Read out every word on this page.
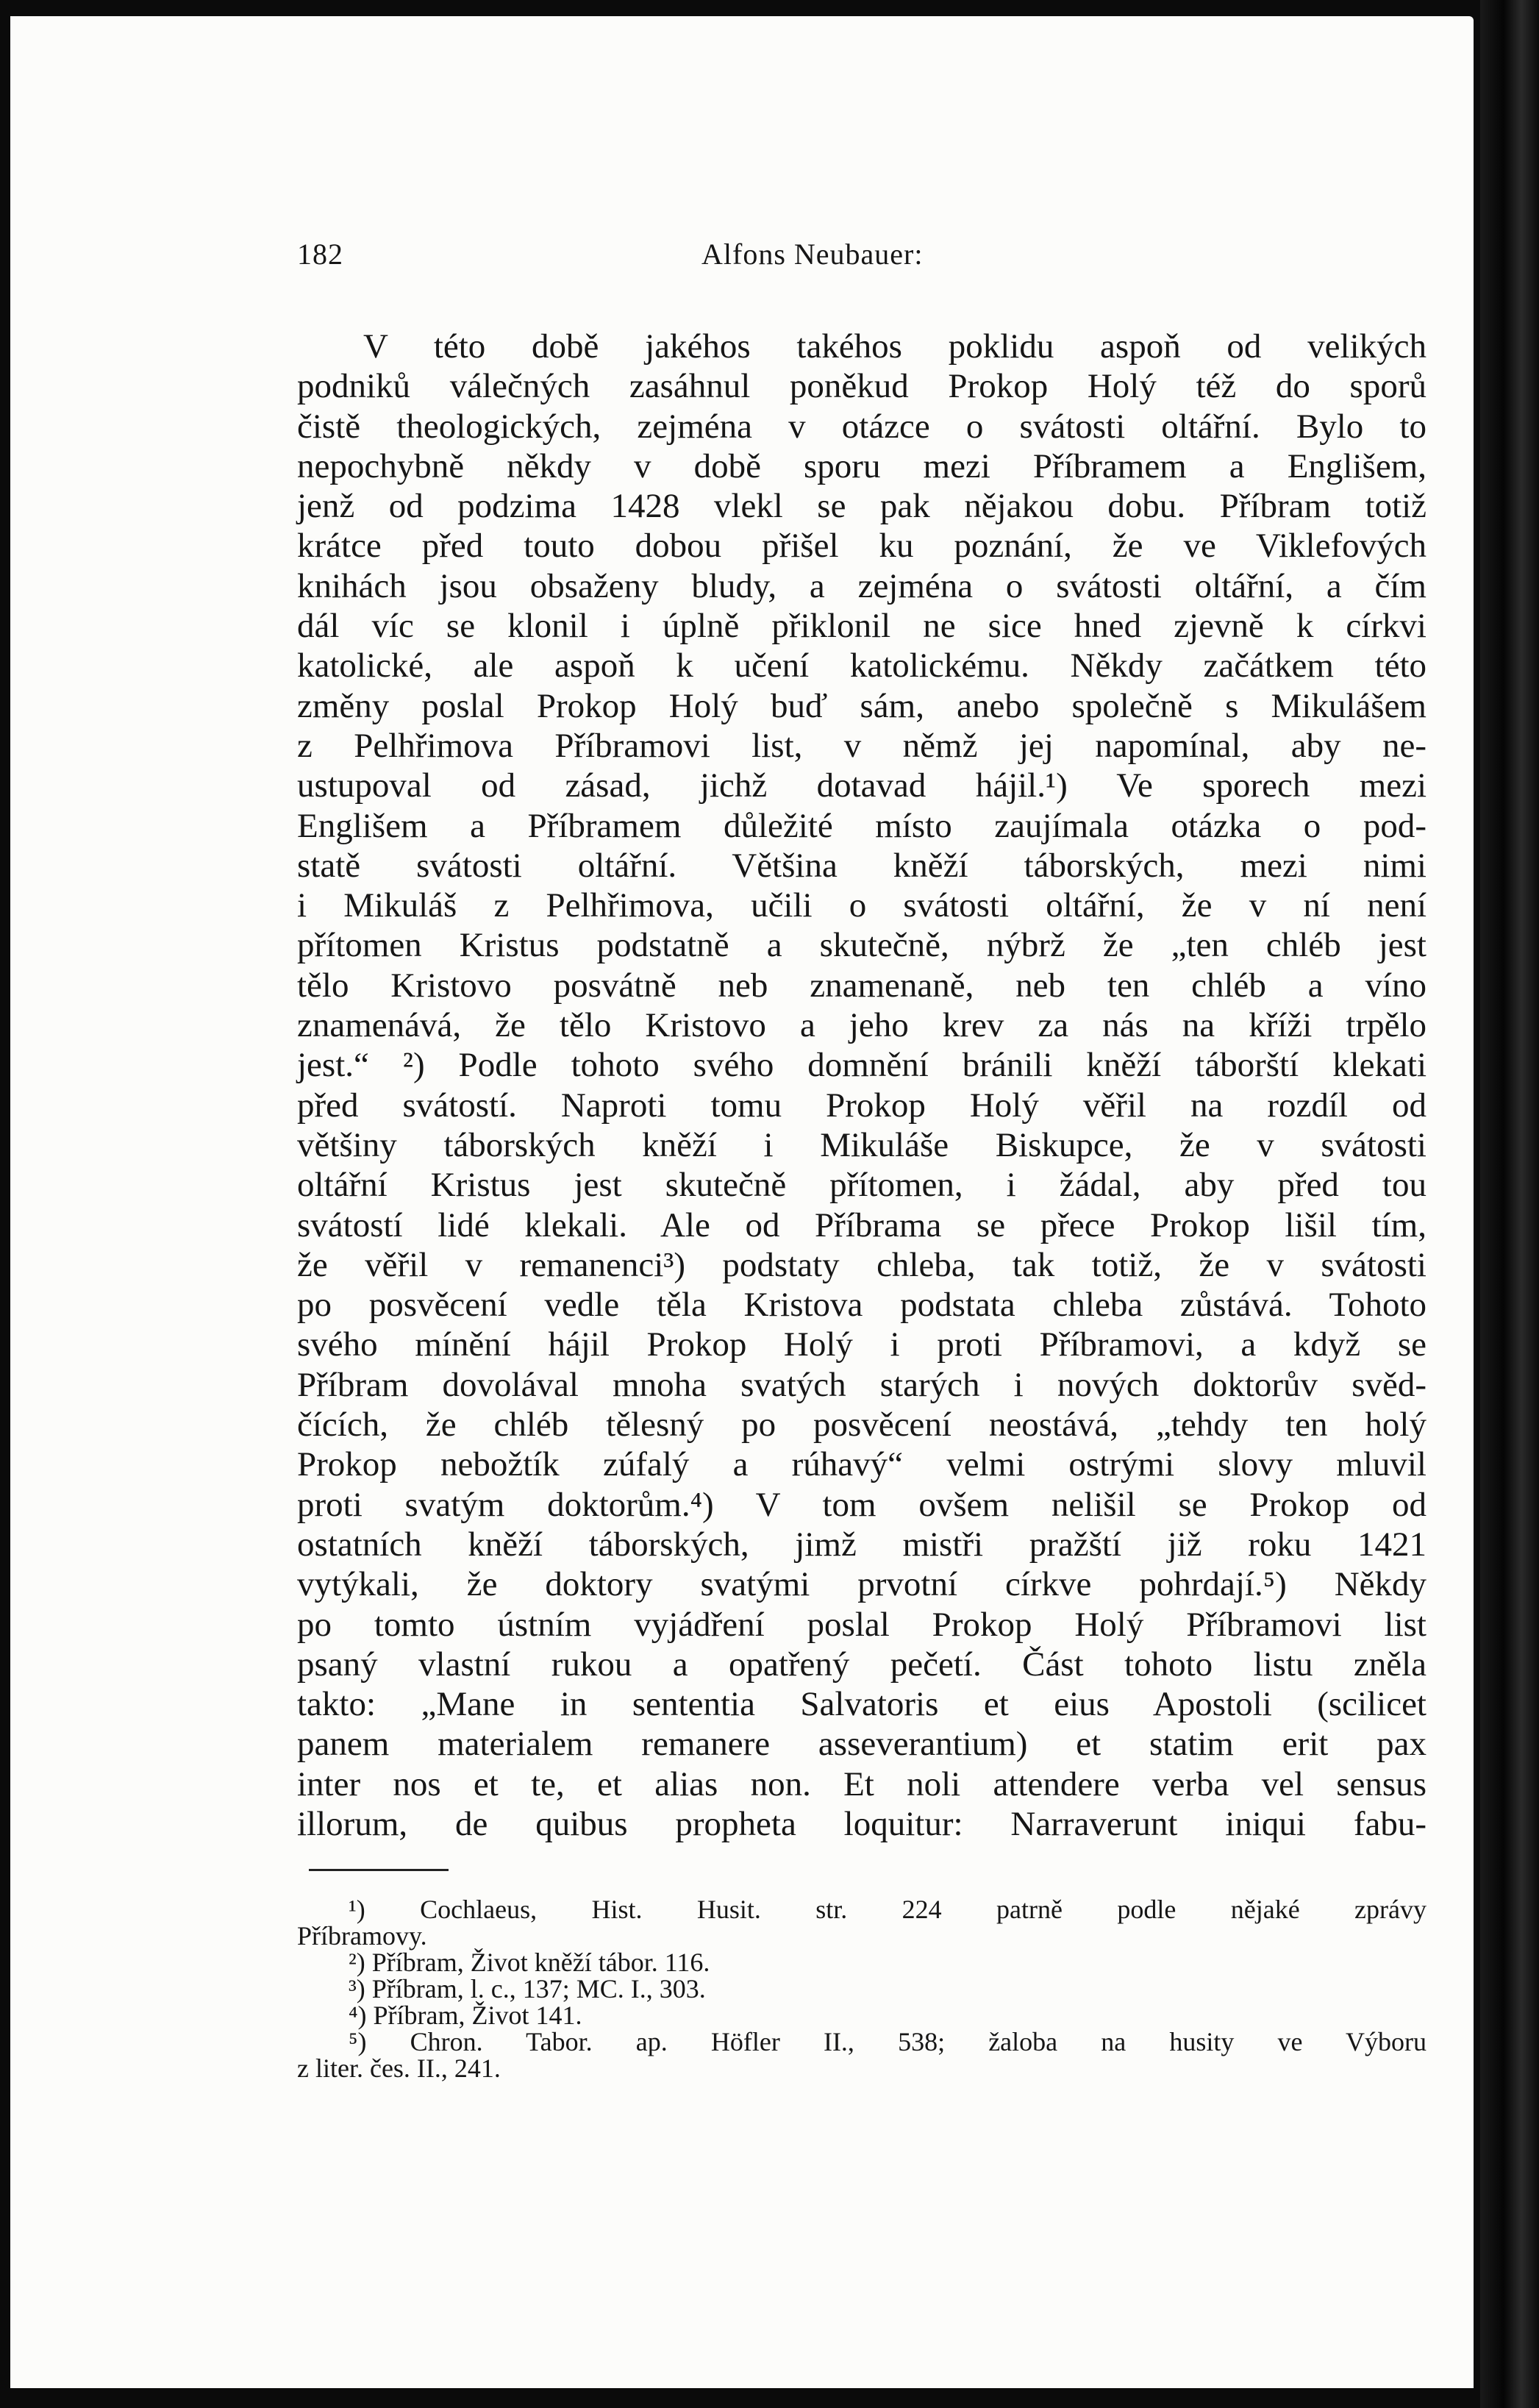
182	Alfons Neubauer:
V této době jakéhos takéhos poklidu aspoň od velikých
podniků válečných zasáhnul poněkud Prokop Holý též do sporů
čistě theologických, zejména v otázce o svátosti oltářní. Bylo to
nepochybně někdy v době sporu mezi Příbramem a Englišem,
jenž od podzima 1428 vlekl se pak nějakou dobu. Příbram totiž
krátce před touto dobou přišel ku poznání, že ve Viklefových
knihách jsou obsaženy bludy, a zejména o svátosti oltářní, a čím
dál víc se klonil i úplně přiklonil ne sice hned zjevně k církvi
katolické, ale aspoň k učení katolickému. Někdy začátkem této
změny poslal Prokop Holý buď sám, anebo společně s Mikulášem
z Pelhřimova Příbramovi list, v němž jej napomínal, aby ne-
ustupoval od zásad, jichž dotavad hájil.¹) Ve sporech mezi
Englišem a Příbramem důležité místo zaujímala otázka o pod-
statě svátosti oltářní. Většina kněží táborských, mezi nimi
i Mikuláš z Pelhřimova, učili o svátosti oltářní, že v ní není
přítomen Kristus podstatně a skutečně, nýbrž že „ten chléb jest
tělo Kristovo posvátně neb znamenaně, neb ten chléb a víno
znamenává, že tělo Kristovo a jeho krev za nás na kříži trpělo
jest.“ ²) Podle tohoto svého domnění bránili kněží táborští klekati
před svátostí. Naproti tomu Prokop Holý věřil na rozdíl od
většiny táborských kněží i Mikuláše Biskupce, že v svátosti
oltářní Kristus jest skutečně přítomen, i žádal, aby před tou
svátostí lidé klekali. Ale od Příbrama se přece Prokop lišil tím,
že věřil v remanenci³) podstaty chleba, tak totiž, že v svátosti
po posvěcení vedle těla Kristova podstata chleba zůstává. Tohoto
svého mínění hájil Prokop Holý i proti Příbramovi, a když se
Příbram dovolával mnoha svatých starých i nových doktorův svěd-
čících, že chléb tělesný po posvěcení neostává, „tehdy ten holý
Prokop nebožtík zúfalý a rúhavý“ velmi ostrými slovy mluvil
proti svatým doktorům.⁴) V tom ovšem nelišil se Prokop od
ostatních kněží táborských, jimž mistři pražští již roku 1421
vytýkali, že doktory svatými prvotní církve pohrdají.⁵) Někdy
po tomto ústním vyjádření poslal Prokop Holý Příbramovi list
psaný vlastní rukou a opatřený pečetí. Část tohoto listu zněla
takto: „Mane in sententia Salvatoris et eius Apostoli (scilicet
panem materialem remanere asseverantium) et statim erit pax
inter nos et te, et alias non. Et noli attendere verba vel sensus
illorum, de quibus propheta loquitur: Narraverunt iniqui fabu-
¹) Cochlaeus, Hist. Husit. str. 224 patrně podle nějaké zprávy
Příbramovy.
²) Příbram, Život kněží tábor. 116.
³) Příbram, l. c., 137; MC. I., 303.
⁴) Příbram, Život 141.
⁵) Chron. Tabor. ap. Höfler II., 538; žaloba na husity ve Výboru
z liter. čes. II., 241.
